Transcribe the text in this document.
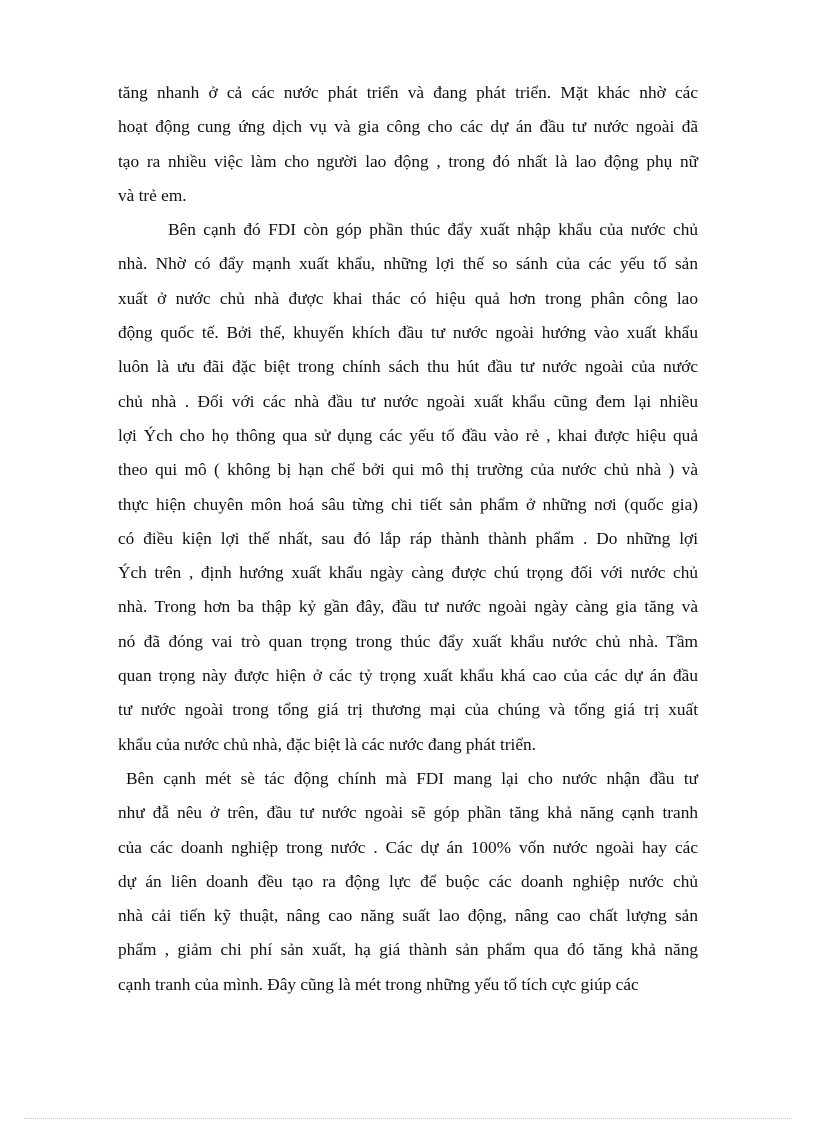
tăng nhanh ở cả các nước phát triển và đang phát triển. Mặt khác nhờ các
hoạt động cung ứng dịch vụ và gia công cho các dự án đầu tư nước ngoài đã
tạo ra nhiều việc làm cho người lao động , trong đó nhất là lao động phụ nữ
và trẻ em.
Bên cạnh đó FDI còn góp phần thúc đẩy xuất nhập khẩu của nước chủ
nhà. Nhờ có đẩy mạnh xuất khẩu, những lợi thế so sánh của các yếu tố sản
xuất ở nước chủ nhà được khai thác có hiệu quả hơn trong phân công lao
động quốc tế. Bởi thế, khuyến khích đầu tư nước ngoài hướng vào xuất khẩu
luôn là ưu đãi đặc biệt trong chính sách thu hút đầu tư nước ngoài của nước
chủ nhà . Đối với các nhà đầu tư nước ngoài xuất khẩu cũng đem lại nhiều
lợi Ých cho họ thông qua sử dụng các yếu tố đầu vào rẻ , khai được hiệu quả
theo qui mô ( không bị hạn chế bởi qui mô thị trường của nước chủ nhà ) và
thực hiện chuyên môn hoá sâu từng chi tiết sản phẩm ở những nơi (quốc gia)
có điều kiện lợi thế nhất, sau đó lắp ráp thành thành phẩm . Do những lợi
Ých trên , định hướng xuất khẩu ngày càng được chú trọng đối với nước chủ
nhà. Trong hơn ba thập kỷ gần đây, đầu tư nước ngoài ngày càng gia tăng và
nó đã đóng vai trò quan trọng trong thúc đẩy xuất khẩu nước chủ nhà. Tầm
quan trọng này được hiện ở các tỷ trọng xuất khẩu khá cao của các dự án đầu
tư nước ngoài trong tổng giá trị thương mại của chúng và tổng giá trị xuất
khẩu của nước chủ nhà, đặc biệt là các nước đang phát triển.
Bên cạnh mét sè tác động chính mà FDI mang lại cho nước nhận đầu tư
như đẫ nêu ở trên, đầu tư nước ngoài sẽ góp phần tăng khả năng cạnh tranh
của các doanh nghiệp trong nước . Các dự án 100% vốn nước ngoài hay các
dự án liên doanh đều tạo ra động lực để buộc các doanh nghiệp nước chủ
nhà cải tiến kỹ thuật, nâng cao năng suất lao động, nâng cao chất lượng sản
phẩm , giảm chi phí sản xuất, hạ giá thành sản phẩm qua đó tăng khả năng
cạnh tranh của mình. Đây cũng là mét trong những yếu tố tích cực giúp các
